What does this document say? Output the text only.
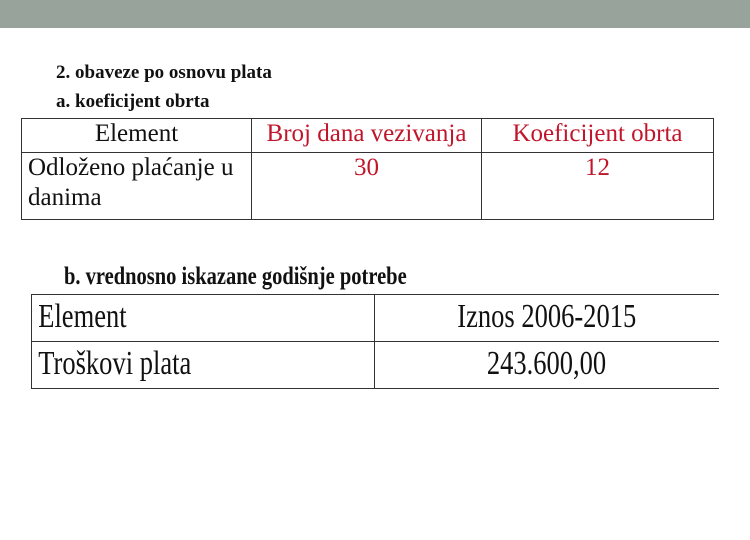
2. obaveze po osnovu plata
a. koeficijent obrta
Element	Broj dana vezivanja	Koeficijent obrta
Odloženo plaćanje u danima	30	12
b. vrednosno iskazane godišnje potrebe
Element	Iznos 2006-2015
Troškovi plata	243.600,00
